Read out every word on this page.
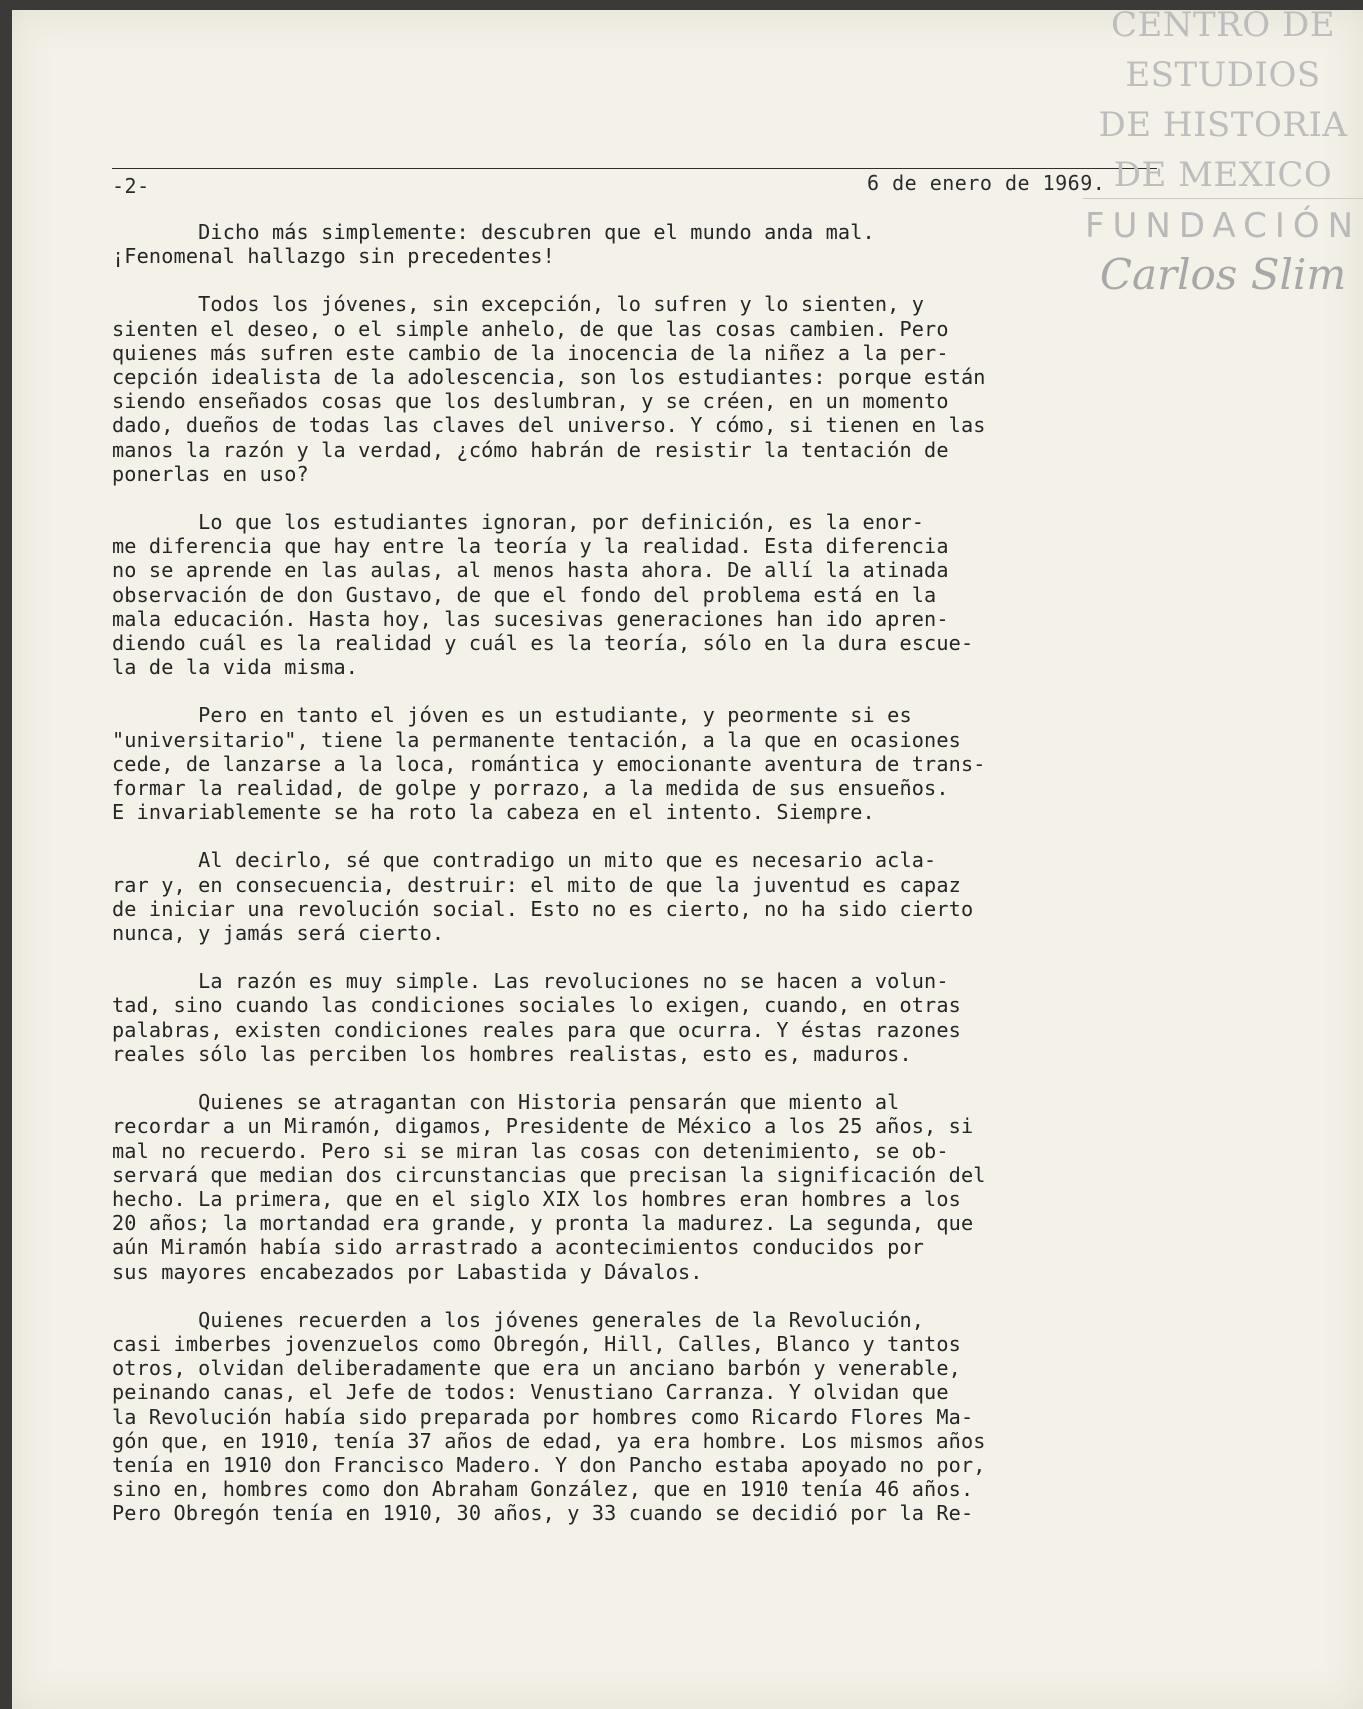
-2-	6 de enero de 1969.
Dicho más simplemente: descubren que el mundo anda mal.
¡Fenomenal hallazgo sin precedentes!
Todos los jóvenes, sin excepción, lo sufren y lo sienten, y
sienten el deseo, o el simple anhelo, de que las cosas cambien. Pero
quienes más sufren este cambio de la inocencia de la niñez a la per-
cepción idealista de la adolescencia, son los estudiantes: porque están
siendo enseñados cosas que los deslumbran, y se créen, en un momento
dado, dueños de todas las claves del universo. Y cómo, si tienen en las
manos la razón y la verdad, ¿cómo habrán de resistir la tentación de
ponerlas en uso?
Lo que los estudiantes ignoran, por definición, es la enor-
me diferencia que hay entre la teoría y la realidad. Esta diferencia
no se aprende en las aulas, al menos hasta ahora. De allí la atinada
observación de don Gustavo, de que el fondo del problema está en la
mala educación. Hasta hoy, las sucesivas generaciones han ido apren-
diendo cuál es la realidad y cuál es la teoría, sólo en la dura escue-
la de la vida misma.
Pero en tanto el jóven es un estudiante, y peormente si es
"universitario", tiene la permanente tentación, a la que en ocasiones
cede, de lanzarse a la loca, romántica y emocionante aventura de trans-
formar la realidad, de golpe y porrazo, a la medida de sus ensueños.
E invariablemente se ha roto la cabeza en el intento. Siempre.
Al decirlo, sé que contradigo un mito que es necesario acla-
rar y, en consecuencia, destruir: el mito de que la juventud es capaz
de iniciar una revolución social. Esto no es cierto, no ha sido cierto
nunca, y jamás será cierto.
La razón es muy simple. Las revoluciones no se hacen a volun-
tad, sino cuando las condiciones sociales lo exigen, cuando, en otras
palabras, existen condiciones reales para que ocurra. Y éstas razones
reales sólo las perciben los hombres realistas, esto es, maduros.
Quienes se atragantan con Historia pensarán que miento al
recordar a un Miramón, digamos, Presidente de México a los 25 años, si
mal no recuerdo. Pero si se miran las cosas con detenimiento, se ob-
servará que median dos circunstancias que precisan la significación del
hecho. La primera, que en el siglo XIX los hombres eran hombres a los
20 años; la mortandad era grande, y pronta la madurez. La segunda, que
aún Miramón había sido arrastrado a acontecimientos conducidos por
sus mayores encabezados por Labastida y Dávalos.
Quienes recuerden a los jóvenes generales de la Revolución,
casi imberbes jovenzuelos como Obregón, Hill, Calles, Blanco y tantos
otros, olvidan deliberadamente que era un anciano barbón y venerable,
peinando canas, el Jefe de todos: Venustiano Carranza. Y olvidan que
la Revolución había sido preparada por hombres como Ricardo Flores Ma-
gón que, en 1910, tenía 37 años de edad, ya era hombre. Los mismos años
tenía en 1910 don Francisco Madero. Y don Pancho estaba apoyado no por,
sino en, hombres como don Abraham González, que en 1910 tenía 46 años.
Pero Obregón tenía en 1910, 30 años, y 33 cuando se decidió por la Re-
CENTRO DE
ESTUDIOS
DE HISTORIA
DE MEXICO
FUNDACIÓN
Carlos Slim
